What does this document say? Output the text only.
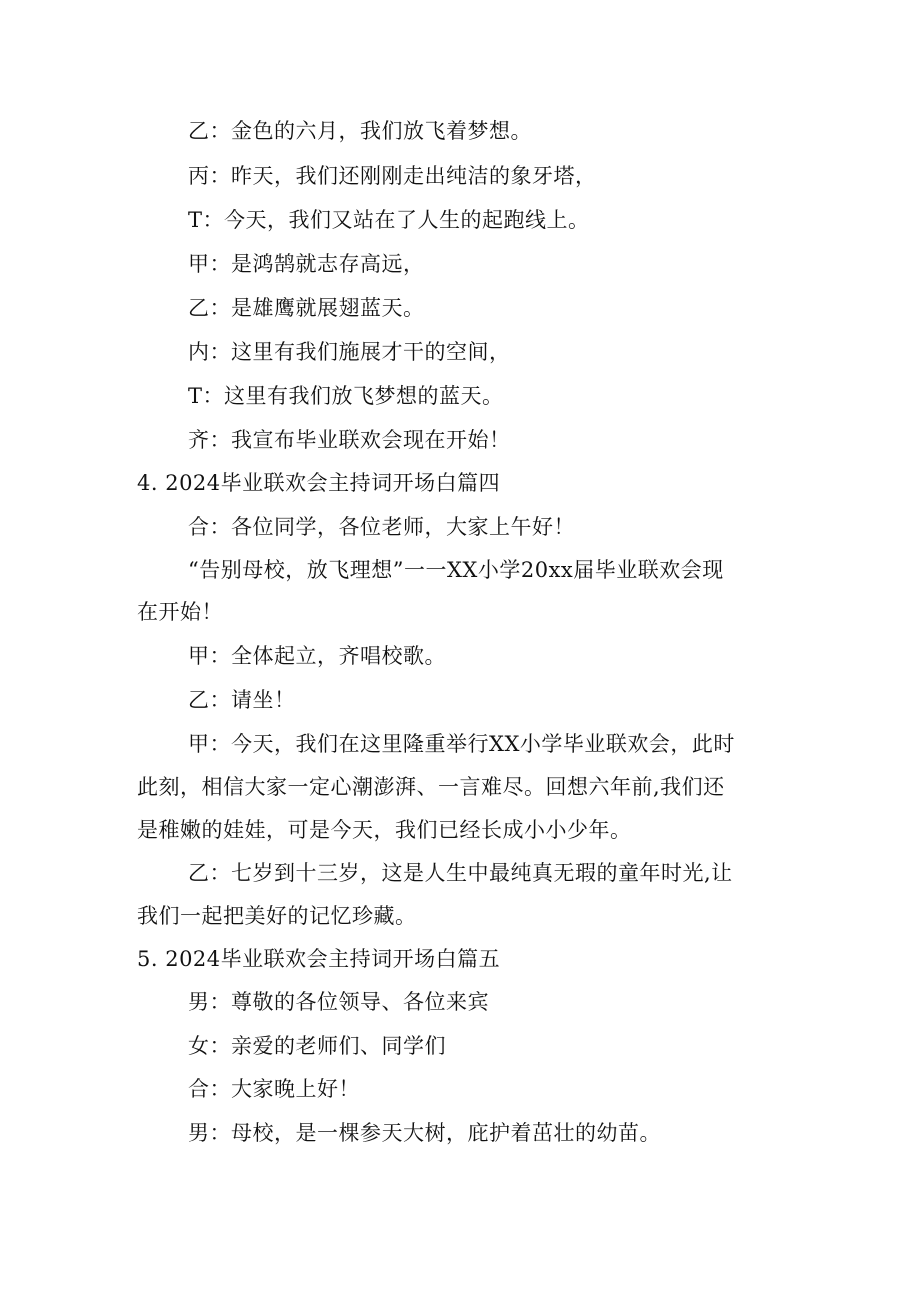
乙：金色的六月，我们放飞着梦想。
丙：昨天，我们还刚刚走出纯洁的象牙塔，
T：今天，我们又站在了人生的起跑线上。
甲：是鸿鹄就志存高远，
乙：是雄鹰就展翅蓝天。
内：这里有我们施展才干的空间，
T：这里有我们放飞梦想的蓝天。
齐：我宣布毕业联欢会现在开始！
4. 2024毕业联欢会主持词开场白篇四
合：各位同学，各位老师，大家上午好！
“告别母校，放飞理想”一一XX小学20xx届毕业联欢会现
在开始！
甲：全体起立，齐唱校歌。
乙：请坐！
甲：今天，我们在这里隆重举行XX小学毕业联欢会，此时
此刻，相信大家一定心潮澎湃、一言难尽。回想六年前,我们还
是稚嫩的娃娃，可是今天，我们已经长成小小少年。
乙：七岁到十三岁，这是人生中最纯真无瑕的童年时光,让
我们一起把美好的记忆珍藏。
5. 2024毕业联欢会主持词开场白篇五
男：尊敬的各位领导、各位来宾
女：亲爱的老师们、同学们
合：大家晚上好！
男：母校，是一棵参天大树，庇护着茁壮的幼苗。
